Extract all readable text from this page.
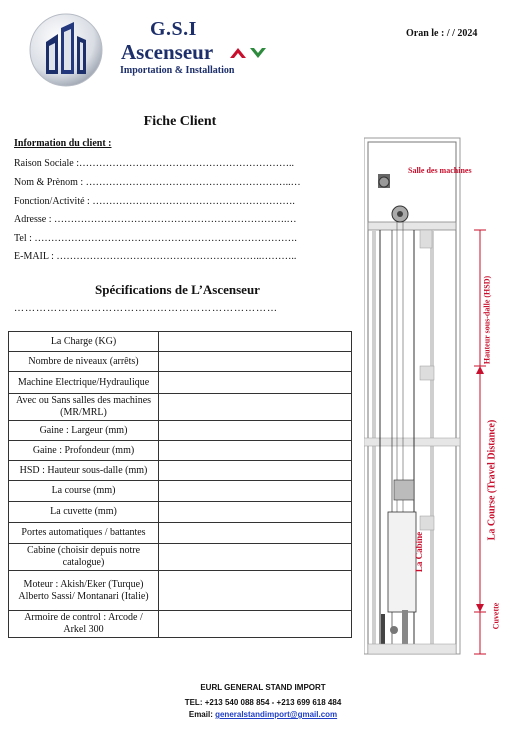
G.S.I
Ascenseur
Importation & Installation
Oran le : / / 2024
Fiche Client
Information du client :
Raison Sociale :………………………………………………………..
Nom & Prènom : ……………………………………………………..…
Fonction/Activité : …………………………………………………….
Adresse : …………………………………………………………….…
Tel : …………………………………………………………………….
E-MAIL : ……………………………………………………..………..
Spécifications de L’Ascenseur
………………………………………………………………
La Charge (KG)	
Nombre de niveaux (arrêts)	
Machine Electrique/Hydraulique	
Avec ou Sans salles des machines (MR/MRL)	
Gaine : Largeur (mm)	
Gaine : Profondeur (mm)	
HSD : Hauteur sous-dalle (mm)	
La course (mm)	
La cuvette (mm)	
Portes automatiques / battantes	
Cabine (choisir depuis notre catalogue)	
Moteur : Akish/Eker (Turque) Alberto Sassi/ Montanari (Italie)	
Armoire de control : Arcode / Arkel 300	
Salle des machines
Hauteur sous-dalle (HSD)
La Course (Travel Distance)
La Cabine
Cuvette
EURL GENERAL STAND IMPORT
TEL: +213 540 088 854 - +213 699 618 484
Email: generalstandimport@gmail.com
